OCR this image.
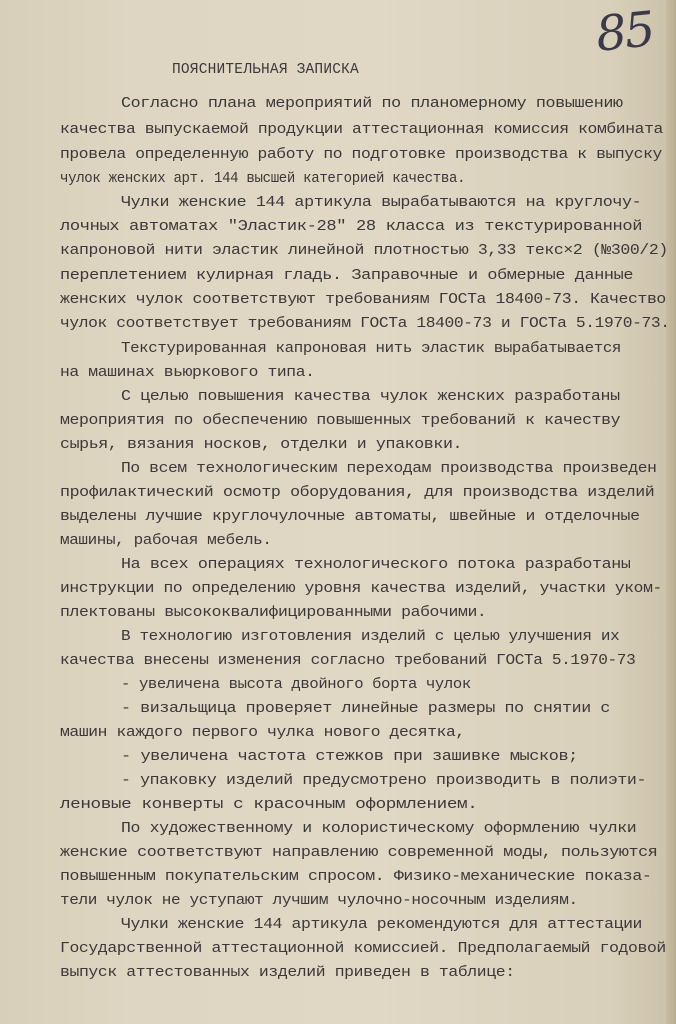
85
ПОЯСНИТЕЛЬНАЯ ЗАПИСКА
Согласно плана мероприятий по планомерному повышению
качества выпускаемой продукции аттестационная комиссия комбината
провела определенную работу по подготовке производства к выпуску
чулок женских арт. 144 высшей категорией качества.
Чулки женские 144 артикула вырабатываются на круглочу-
лочных автоматах "Эластик-28" 28 класса из текстурированной
капроновой нити эластик линейной плотностью 3,33 текс×2 (№300/2)
переплетением кулирная гладь. Заправочные и обмерные данные
женских чулок соответствуют требованиям ГОСТа 18400-73. Качество
чулок соответствует требованиям ГОСТа 18400-73 и ГОСТа 5.1970-73.
Текстурированная капроновая нить эластик вырабатывается
на машинах вьюркового типа.
С целью повышения качества чулок женских разработаны
мероприятия по обеспечению повышенных требований к качеству
сырья, вязания носков, отделки и упаковки.
По всем технологическим переходам производства произведен
профилактический осмотр оборудования, для производства изделий
выделены лучшие круглочулочные автоматы, швейные и отделочные
машины, рабочая мебель.
На всех операциях технологического потока разработаны
инструкции по определению уровня качества изделий, участки уком-
плектованы высококвалифицированными рабочими.
В технологию изготовления изделий с целью улучшения их
качества внесены изменения согласно требований ГОСТа 5.1970-73
- увеличена высота двойного борта чулок
- визальщица проверяет линейные размеры по снятии с
машин каждого первого чулка нового десятка,
- увеличена частота стежков при зашивке мысков;
- упаковку изделий предусмотрено производить в полиэти-
леновые конверты с красочным оформлением.
По художественному и колористическому оформлению чулки
женские соответствуют направлению современной моды, пользуются
повышенным покупательским спросом. Физико-механические показа-
тели чулок не уступают лучшим чулочно-носочным изделиям.
Чулки женские 144 артикула рекомендуются для аттестации
Государственной аттестационной комиссией. Предполагаемый годовой
выпуск аттестованных изделий приведен в таблице:
